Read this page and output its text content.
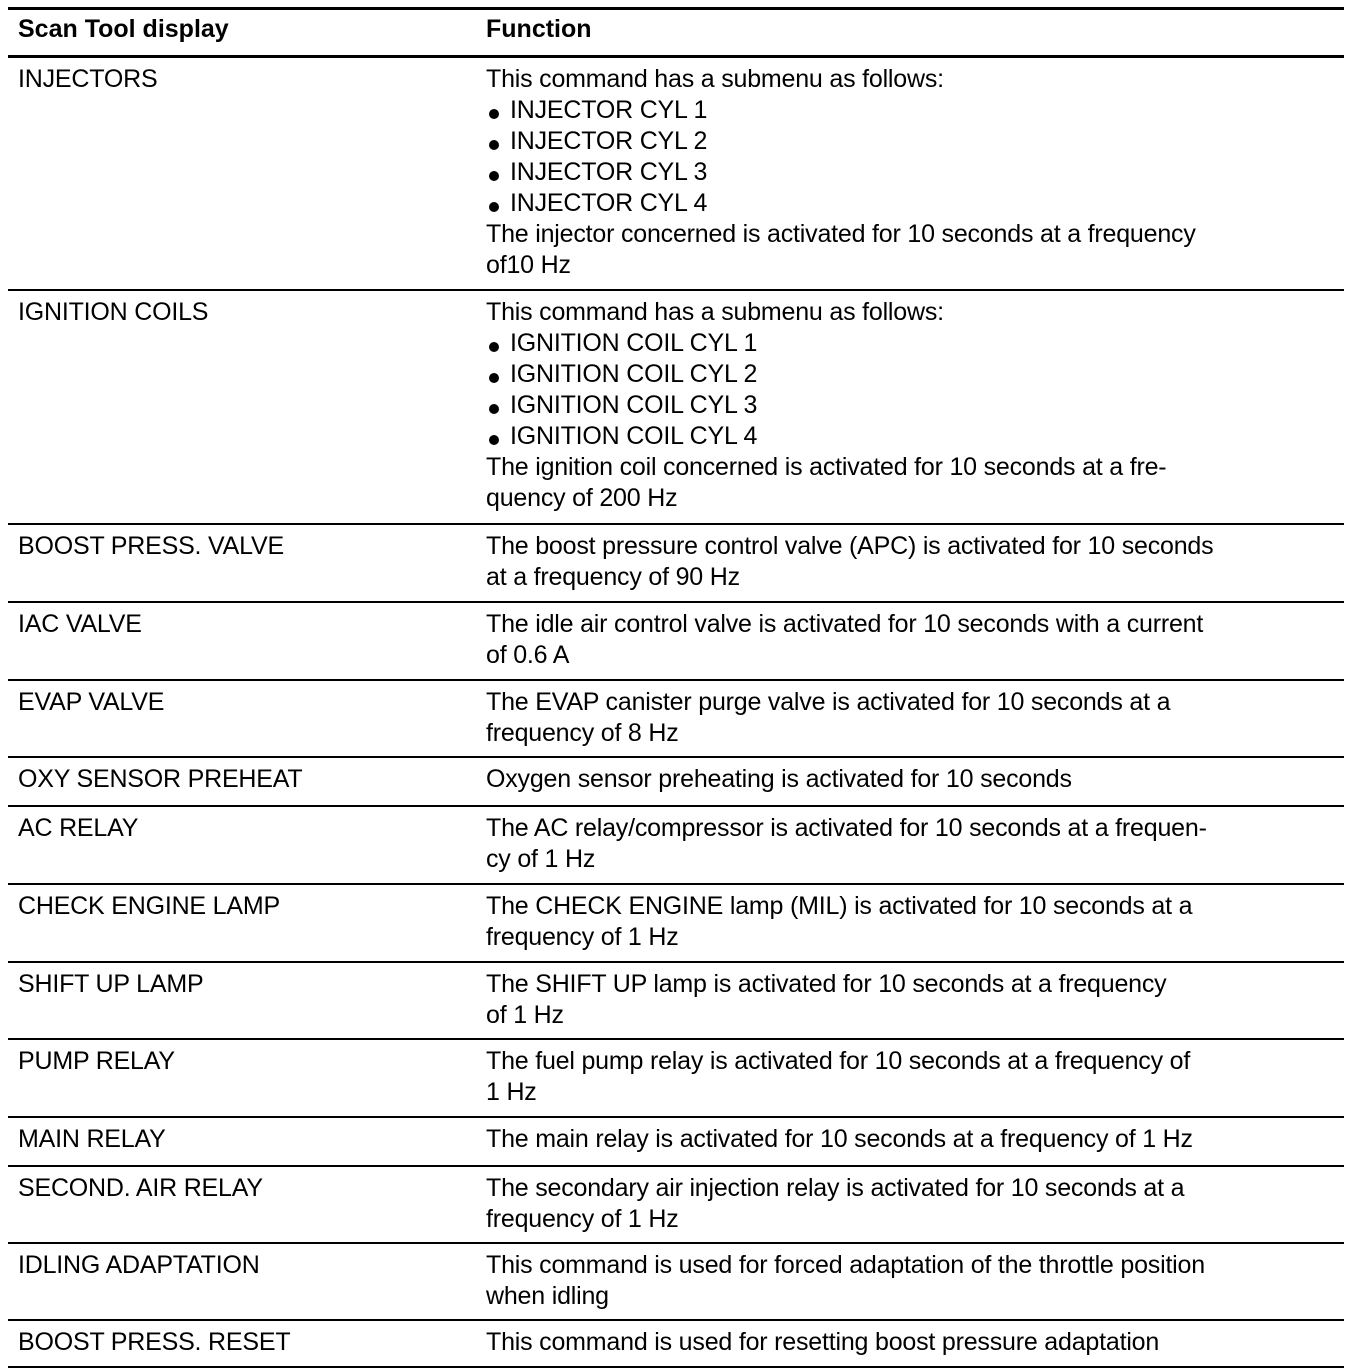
Scan Tool display	Function
INJECTORS	This command has a submenu as follows:
INJECTOR CYL 1
INJECTOR CYL 2
INJECTOR CYL 3
INJECTOR CYL 4
The injector concerned is activated for 10 seconds at a frequency
of10 Hz
IGNITION COILS	This command has a submenu as follows:
IGNITION COIL CYL 1
IGNITION COIL CYL 2
IGNITION COIL CYL 3
IGNITION COIL CYL 4
The ignition coil concerned is activated for 10 seconds at a fre-
quency of 200 Hz
BOOST PRESS. VALVE	The boost pressure control valve (APC) is activated for 10 seconds
at a frequency of 90 Hz
IAC VALVE	The idle air control valve is activated for 10 seconds with a current
of 0.6 A
EVAP VALVE	The EVAP canister purge valve is activated for 10 seconds at a
frequency of 8 Hz
OXY SENSOR PREHEAT	Oxygen sensor preheating is activated for 10 seconds
AC RELAY	The AC relay/compressor is activated for 10 seconds at a frequen-
cy of 1 Hz
CHECK ENGINE LAMP	The CHECK ENGINE lamp (MIL) is activated for 10 seconds at a
frequency of 1 Hz
SHIFT UP LAMP	The SHIFT UP lamp is activated for 10 seconds at a frequency
of 1 Hz
PUMP RELAY	The fuel pump relay is activated for 10 seconds at a frequency of
1 Hz
MAIN RELAY	The main relay is activated for 10 seconds at a frequency of 1 Hz
SECOND. AIR RELAY	The secondary air injection relay is activated for 10 seconds at a
frequency of 1 Hz
IDLING ADAPTATION	This command is used for forced adaptation of the throttle position
when idling
BOOST PRESS. RESET	This command is used for resetting boost pressure adaptation
